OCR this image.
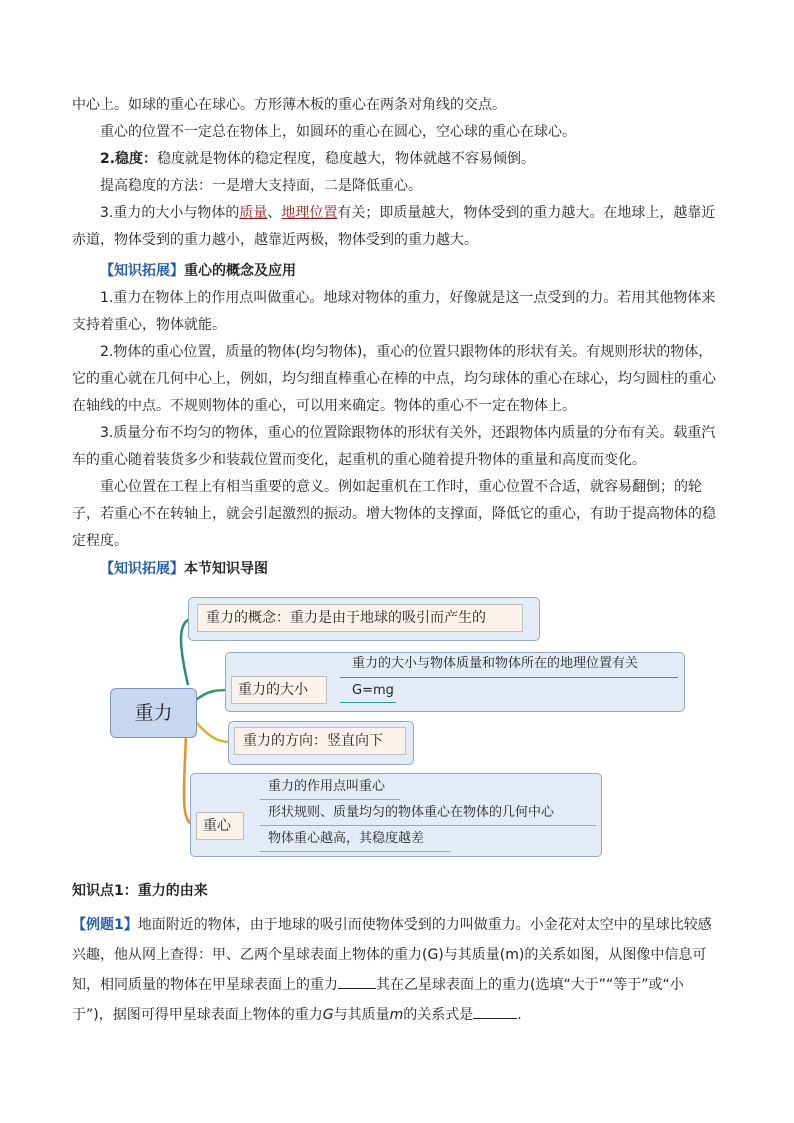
中心上。如球的重心在球心。方形薄木板的重心在两条对角线的交点。

重心的位置不一定总在物体上，如圆环的重心在圆心，空心球的重心在球心。

2.稳度：稳度就是物体的稳定程度，稳度越大，物体就越不容易倾倒。

提高稳度的方法：一是增大支持面，二是降低重心。

3.重力的大小与物体的质量、地理位置有关；即质量越大，物体受到的重力越大。在地球上，越靠近赤道，物体受到的重力越小，越靠近两极，物体受到的重力越大。

【知识拓展】重心的概念及应用

1.重力在物体上的作用点叫做重心。地球对物体的重力，好像就是这一点受到的力。若用其他物体来支持着重心，物体就能。

2.物体的重心位置，质量的物体(均匀物体)，重心的位置只跟物体的形状有关。有规则形状的物体，它的重心就在几何中心上，例如，均匀细直棒重心在棒的中点，均匀球体的重心在球心，均匀圆柱的重心在轴线的中点。不规则物体的重心，可以用来确定。物体的重心不一定在物体上。

3.质量分布不均匀的物体，重心的位置除跟物体的形状有关外，还跟物体内质量的分布有关。载重汽车的重心随着装货多少和装载位置而变化，起重机的重心随着提升物体的重量和高度而变化。

重心位置在工程上有相当重要的意义。例如起重机在工作时，重心位置不合适，就容易翻倒；的轮子，若重心不在转轴上，就会引起激烈的振动。增大物体的支撑面，降低它的重心，有助于提高物体的稳定程度。

【知识拓展】本节知识导图

重力
重力的概念：重力是由于地球的吸引而产生的
重力的大小
重力的大小与物体质量和物体所在的地理位置有关
G=mg
重力的方向：竖直向下
重心
重力的作用点叫重心
形状规则、质量均匀的物体重心在物体的几何中心
物体重心越高，其稳度越差

知识点1：重力的由来

【例题1】地面附近的物体，由于地球的吸引而使物体受到的力叫做重力。小金花对太空中的星球比较感兴趣，他从网上查得：甲、乙两个星球表面上物体的重力(G)与其质量(m)的关系如图，从图像中信息可知，相同质量的物体在甲星球表面上的重力	其在乙星球表面上的重力(选填“大于”“等于”或“小于”)，据图可得甲星球表面上物体的重力G与其质量m的关系式是	.
